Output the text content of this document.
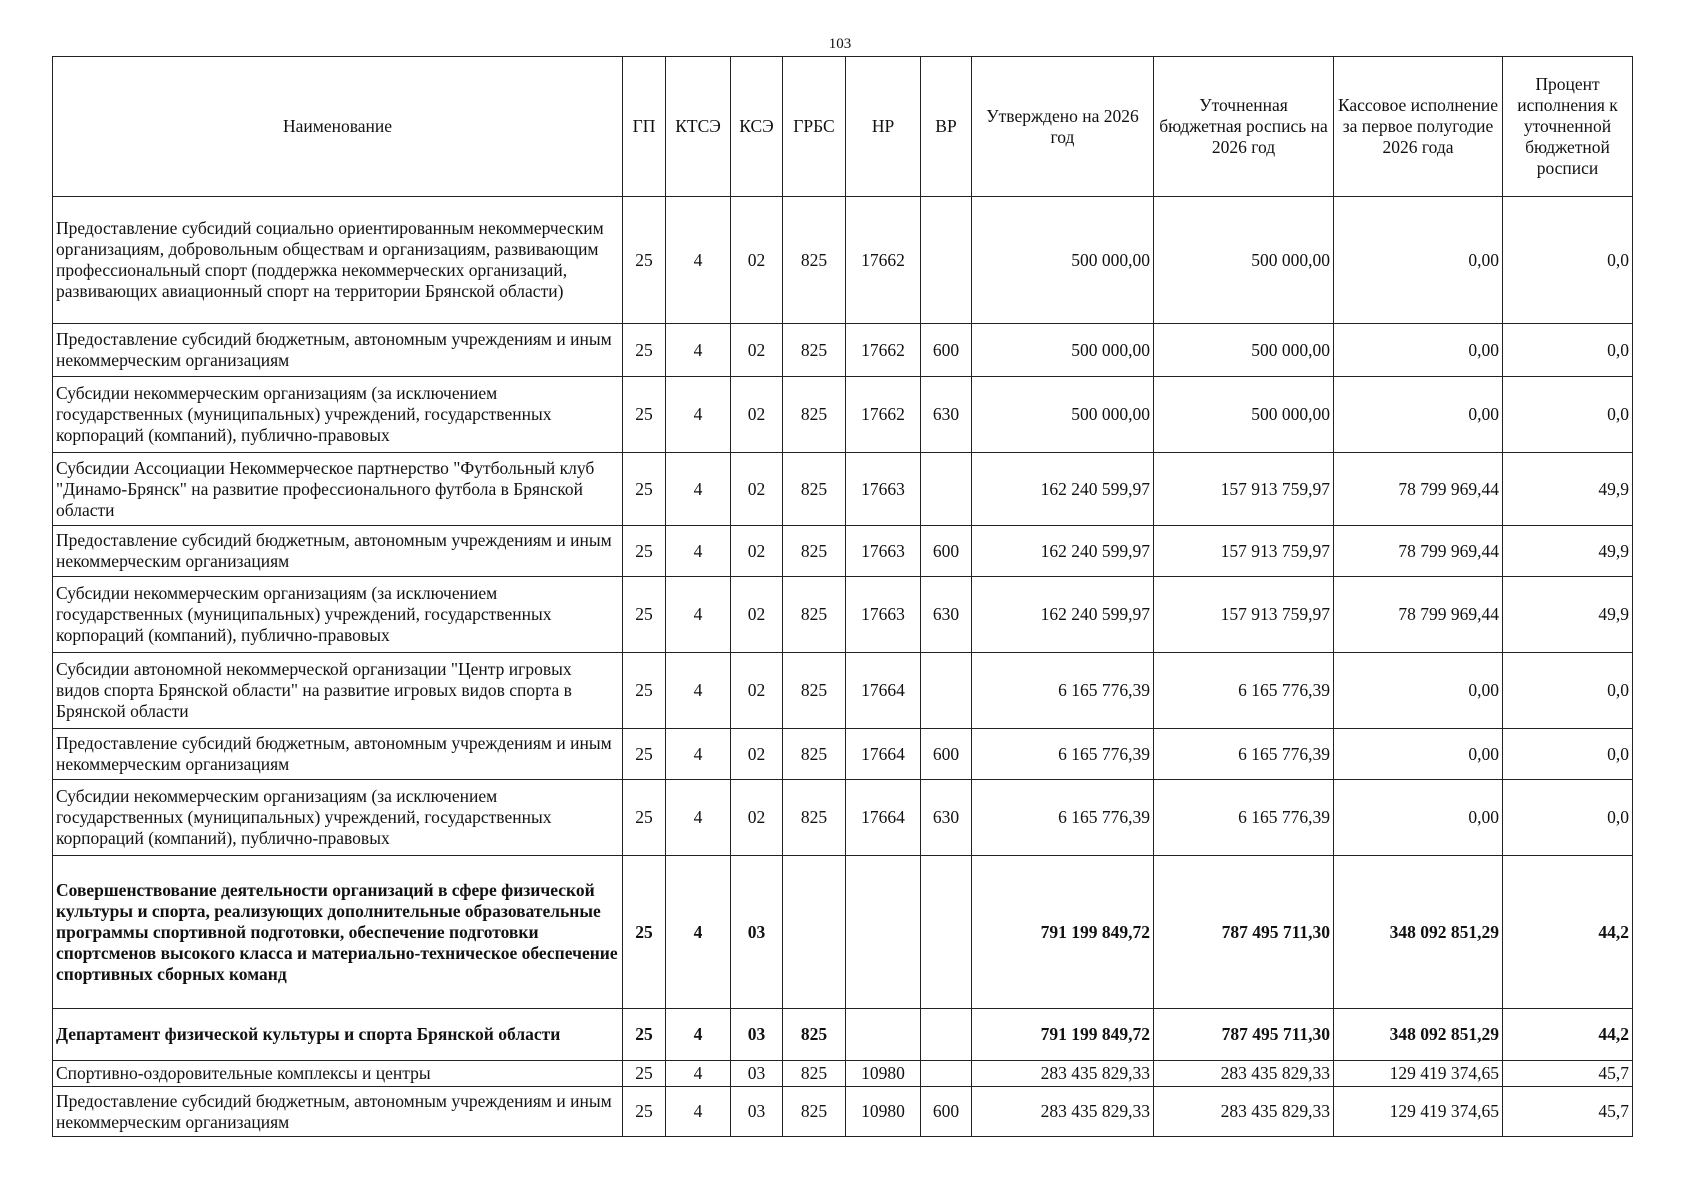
103
Наименование	ГП	КТСЭ	КСЭ	ГРБС	НР	ВР	Утверждено на 2026 год	Уточненная бюджетная роспись на 2026 год	Кассовое исполнение за первое полугодие 2026 года	Процент исполнения к уточненной бюджетной росписи
Предоставление субсидий социально ориентированным некоммерческим организациям, добровольным обществам и организациям, развивающим профессиональный спорт (поддержка некоммерческих организаций, развивающих авиационный спорт на территории Брянской области)	25	4	02	825	17662		500 000,00	500 000,00	0,00	0,0
Предоставление субсидий бюджетным, автономным учреждениям и иным некоммерческим организациям	25	4	02	825	17662	600	500 000,00	500 000,00	0,00	0,0
Субсидии некоммерческим организациям (за исключением государственных (муниципальных) учреждений, государственных корпораций (компаний), публично-правовых	25	4	02	825	17662	630	500 000,00	500 000,00	0,00	0,0
Субсидии Ассоциации Некоммерческое партнерство "Футбольный клуб "Динамо-Брянск" на развитие профессионального футбола в Брянской области	25	4	02	825	17663		162 240 599,97	157 913 759,97	78 799 969,44	49,9
Предоставление субсидий бюджетным, автономным учреждениям и иным некоммерческим организациям	25	4	02	825	17663	600	162 240 599,97	157 913 759,97	78 799 969,44	49,9
Субсидии некоммерческим организациям (за исключением государственных (муниципальных) учреждений, государственных корпораций (компаний), публично-правовых	25	4	02	825	17663	630	162 240 599,97	157 913 759,97	78 799 969,44	49,9
Субсидии автономной некоммерческой организации "Центр игровых видов спорта Брянской области" на развитие игровых видов спорта в Брянской области	25	4	02	825	17664		6 165 776,39	6 165 776,39	0,00	0,0
Предоставление субсидий бюджетным, автономным учреждениям и иным некоммерческим организациям	25	4	02	825	17664	600	6 165 776,39	6 165 776,39	0,00	0,0
Субсидии некоммерческим организациям (за исключением государственных (муниципальных) учреждений, государственных корпораций (компаний), публично-правовых	25	4	02	825	17664	630	6 165 776,39	6 165 776,39	0,00	0,0
Совершенствование деятельности организаций в сфере физической культуры и спорта, реализующих дополнительные образовательные программы спортивной подготовки, обеспечение подготовки спортсменов высокого класса и материально-техническое обеспечение спортивных сборных команд	25	4	03				791 199 849,72	787 495 711,30	348 092 851,29	44,2
Департамент физической культуры и спорта Брянской области	25	4	03	825			791 199 849,72	787 495 711,30	348 092 851,29	44,2
Спортивно-оздоровительные комплексы и центры	25	4	03	825	10980		283 435 829,33	283 435 829,33	129 419 374,65	45,7
Предоставление субсидий бюджетным, автономным учреждениям и иным некоммерческим организациям	25	4	03	825	10980	600	283 435 829,33	283 435 829,33	129 419 374,65	45,7
